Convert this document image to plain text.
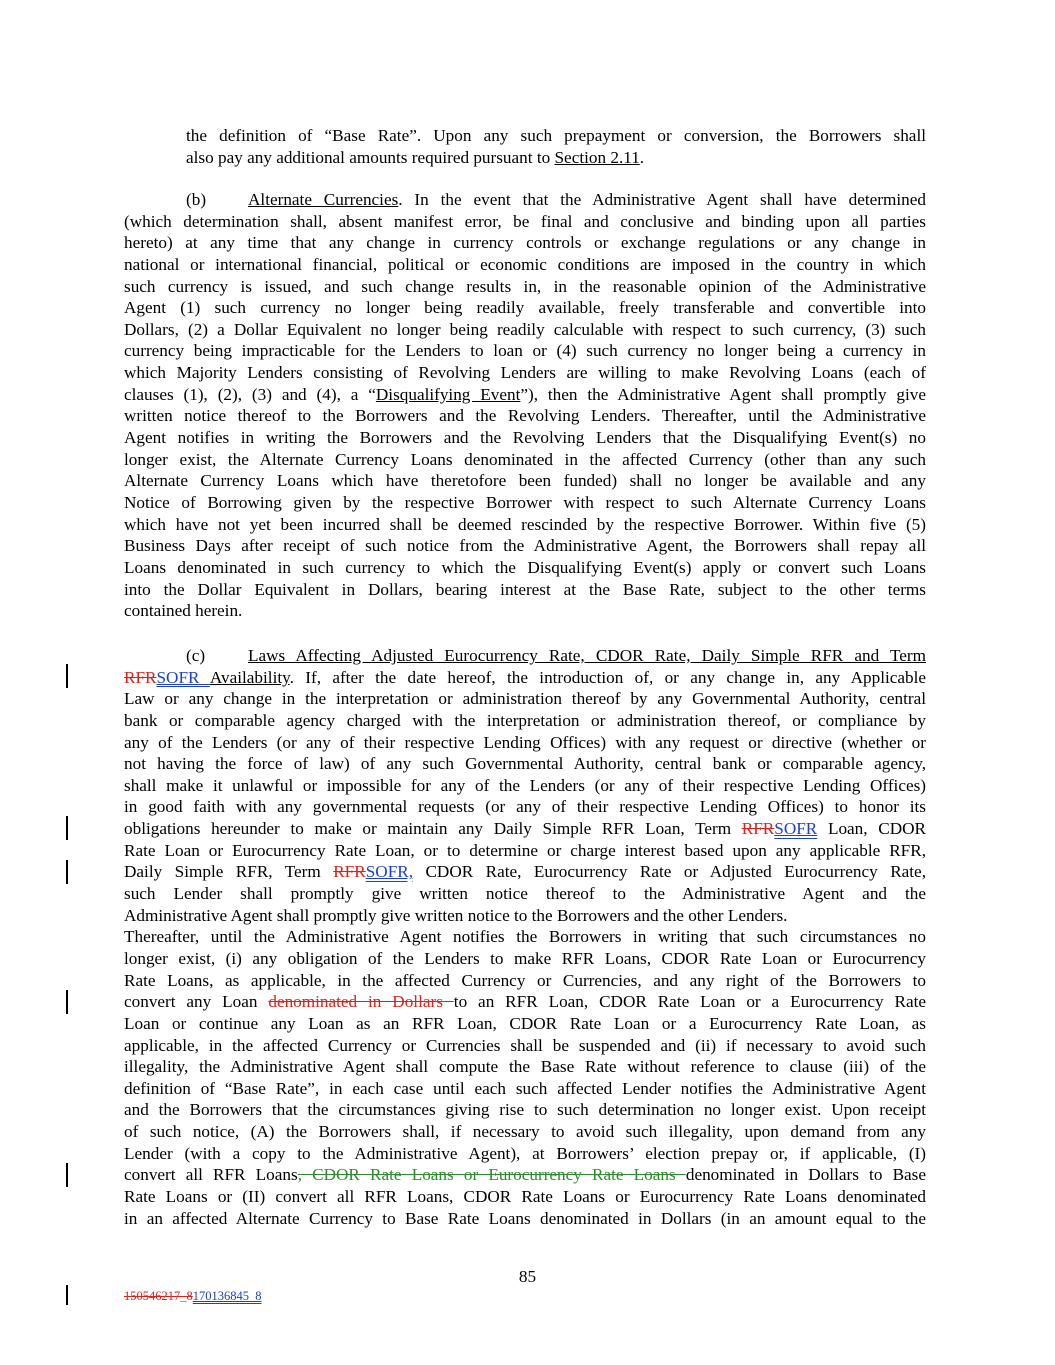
the definition of “Base Rate”. Upon any such prepayment or conversion, the Borrowers shall
also pay any additional amounts required pursuant to Section 2.11.
(b) Alternate Currencies. In the event that the Administrative Agent shall have determined
(which determination shall, absent manifest error, be final and conclusive and binding upon all parties
hereto) at any time that any change in currency controls or exchange regulations or any change in
national or international financial, political or economic conditions are imposed in the country in which
such currency is issued, and such change results in, in the reasonable opinion of the Administrative
Agent (1) such currency no longer being readily available, freely transferable and convertible into
Dollars, (2) a Dollar Equivalent no longer being readily calculable with respect to such currency, (3) such
currency being impracticable for the Lenders to loan or (4) such currency no longer being a currency in
which Majority Lenders consisting of Revolving Lenders are willing to make Revolving Loans (each of
clauses (1), (2), (3) and (4), a “Disqualifying Event”), then the Administrative Agent shall promptly give
written notice thereof to the Borrowers and the Revolving Lenders. Thereafter, until the Administrative
Agent notifies in writing the Borrowers and the Revolving Lenders that the Disqualifying Event(s) no
longer exist, the Alternate Currency Loans denominated in the affected Currency (other than any such
Alternate Currency Loans which have theretofore been funded) shall no longer be available and any
Notice of Borrowing given by the respective Borrower with respect to such Alternate Currency Loans
which have not yet been incurred shall be deemed rescinded by the respective Borrower. Within five (5)
Business Days after receipt of such notice from the Administrative Agent, the Borrowers shall repay all
Loans denominated in such currency to which the Disqualifying Event(s) apply or convert such Loans
into the Dollar Equivalent in Dollars, bearing interest at the Base Rate, subject to the other terms
contained herein.
(c) Laws Affecting Adjusted Eurocurrency Rate, CDOR Rate, Daily Simple RFR and Term
RFRSOFR Availability. If, after the date hereof, the introduction of, or any change in, any Applicable
Law or any change in the interpretation or administration thereof by any Governmental Authority, central
bank or comparable agency charged with the interpretation or administration thereof, or compliance by
any of the Lenders (or any of their respective Lending Offices) with any request or directive (whether or
not having the force of law) of any such Governmental Authority, central bank or comparable agency,
shall make it unlawful or impossible for any of the Lenders (or any of their respective Lending Offices)
in good faith with any governmental requests (or any of their respective Lending Offices) to honor its
obligations hereunder to make or maintain any Daily Simple RFR Loan, Term RFRSOFR Loan, CDOR
Rate Loan or Eurocurrency Rate Loan, or to determine or charge interest based upon any applicable RFR,
Daily Simple RFR, Term RFRSOFR, CDOR Rate, Eurocurrency Rate or Adjusted Eurocurrency Rate,
such Lender shall promptly give written notice thereof to the Administrative Agent and the
Administrative Agent shall promptly give written notice to the Borrowers and the other Lenders.
Thereafter, until the Administrative Agent notifies the Borrowers in writing that such circumstances no
longer exist, (i) any obligation of the Lenders to make RFR Loans, CDOR Rate Loan or Eurocurrency
Rate Loans, as applicable, in the affected Currency or Currencies, and any right of the Borrowers to
convert any Loan denominated in Dollars to an RFR Loan, CDOR Rate Loan or a Eurocurrency Rate
Loan or continue any Loan as an RFR Loan, CDOR Rate Loan or a Eurocurrency Rate Loan, as
applicable, in the affected Currency or Currencies shall be suspended and (ii) if necessary to avoid such
illegality, the Administrative Agent shall compute the Base Rate without reference to clause (iii) of the
definition of “Base Rate”, in each case until each such affected Lender notifies the Administrative Agent
and the Borrowers that the circumstances giving rise to such determination no longer exist. Upon receipt
of such notice, (A) the Borrowers shall, if necessary to avoid such illegality, upon demand from any
Lender (with a copy to the Administrative Agent), at Borrowers’ election prepay or, if applicable, (I)
convert all RFR Loans, CDOR Rate Loans or Eurocurrency Rate Loans denominated in Dollars to Base
Rate Loans or (II) convert all RFR Loans, CDOR Rate Loans or Eurocurrency Rate Loans denominated
in an affected Alternate Currency to Base Rate Loans denominated in Dollars (in an amount equal to the
85
150546217_8170136845_8
